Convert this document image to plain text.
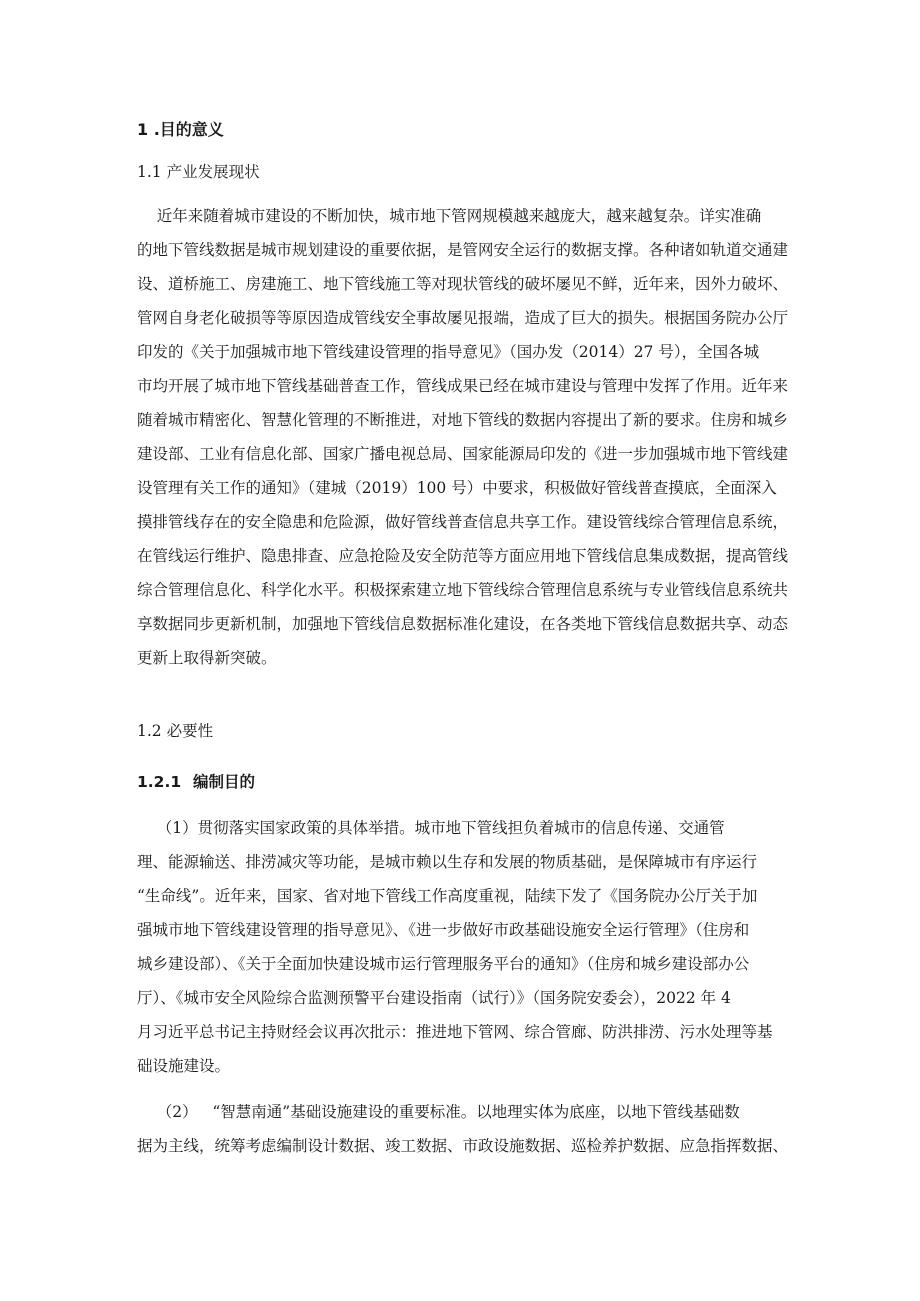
1 .目的意义
1.1 产业发展现状
近年来随着城市建设的不断加快，城市地下管网规模越来越庞大，越来越复杂。详实准确
的地下管线数据是城市规划建设的重要依据，是管网安全运行的数据支撑。各种诸如轨道交通建
设、道桥施工、房建施工、地下管线施工等对现状管线的破坏屡见不鲜，近年来，因外力破坏、
管网自身老化破损等等原因造成管线安全事故屡见报端，造成了巨大的损失。根据国务院办公厅
印发的《关于加强城市地下管线建设管理的指导意见》（国办发（2014）27 号），全国各城
市均开展了城市地下管线基础普查工作，管线成果已经在城市建设与管理中发挥了作用。近年来
随着城市精密化、智慧化管理的不断推进，对地下管线的数据内容提出了新的要求。住房和城乡
建设部、工业有信息化部、国家广播电视总局、国家能源局印发的《进一步加强城市地下管线建
设管理有关工作的通知》（建城（2019）100 号）中要求，积极做好管线普查摸底，全面深入
摸排管线存在的安全隐患和危险源，做好管线普查信息共享工作。建设管线综合管理信息系统，
在管线运行维护、隐患排查、应急抢险及安全防范等方面应用地下管线信息集成数据，提高管线
综合管理信息化、科学化水平。积极探索建立地下管线综合管理信息系统与专业管线信息系统共
享数据同步更新机制，加强地下管线信息数据标准化建设，在各类地下管线信息数据共享、动态
更新上取得新突破。
1.2 必要性
1.2.1 编制目的
（1）贯彻落实国家政策的具体举措。城市地下管线担负着城市的信息传递、交通管
理、能源输送、排涝减灾等功能，是城市赖以生存和发展的物质基础，是保障城市有序运行
“生命线”。近年来，国家、省对地下管线工作高度重视，陆续下发了《国务院办公厅关于加
强城市地下管线建设管理的指导意见》、《进一步做好市政基础设施安全运行管理》（住房和
城乡建设部）、《关于全面加快建设城市运行管理服务平台的通知》（住房和城乡建设部办公
厅）、《城市安全风险综合监测预警平台建设指南（试行）》（国务院安委会），2022 年 4
月习近平总书记主持财经会议再次批示：推进地下管网、综合管廊、防洪排涝、污水处理等基
础设施建设。
（2）   “智慧南通”基础设施建设的重要标准。以地理实体为底座，以地下管线基础数
据为主线，统筹考虑编制设计数据、竣工数据、市政设施数据、巡检养护数据、应急指挥数据、
